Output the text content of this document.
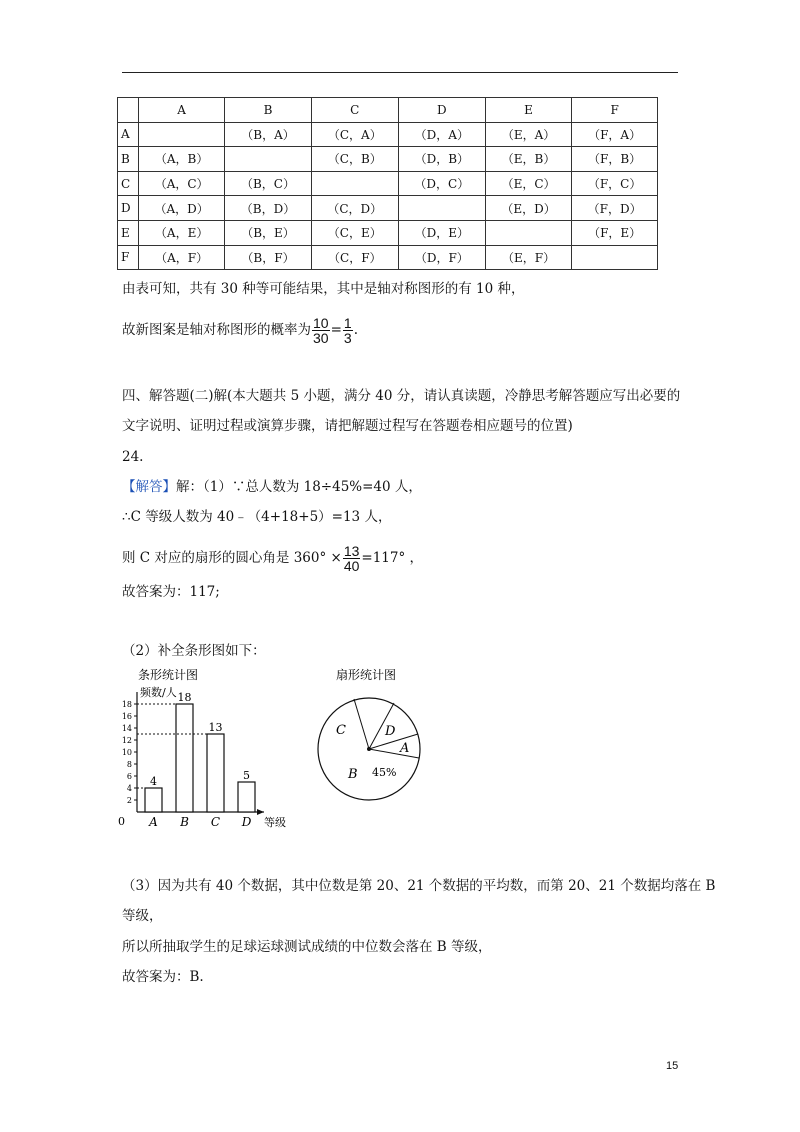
	A	B	C	D	E	F
A		（B，A）	（C，A）	（D，A）	（E，A）	（F，A）
B	（A，B）		（C，B）	（D，B）	（E，B）	（F，B）
C	（A，C）	（B，C）		（D，C）	（E，C）	（F，C）
D	（A，D）	（B，D）	（C，D）		（E，D）	（F，D）
E	（A，E）	（B，E）	（C，E）	（D，E）		（F，E）
F	（A，F）	（B，F）	（C，F）	（D，F）	（E，F）	
由表可知，共有 30 种等可能结果，其中是轴对称图形的有 10 种，
故新图案是轴对称图形的概率为 $\frac{10}{30} = \frac{1}{3}$ .
四、解答题(二)解(本大题共 5 小题，满分 40 分，请认真读题，冷静思考解答题应写出必要的
文字说明、证明过程或演算步骤，请把解题过程写在答题卷相应题号的位置)
24.
【解答】解：（1）∵总人数为 18÷45%=40 人，
∴C 等级人数为 40﹣（4+18+5）=13 人，
则 C 对应的扇形的圆心角是 $360^\circ \times \frac{13}{40} =117^\circ$ ，
故答案为：117;
（2）补全条形图如下：
条形统计图
频数/人
等级
0
2
4
6
8
10
12
14
16
18
4
A
18
B
13
C
5
D
扇形统计图
C	D
A
B 45%
（3）因为共有 40 个数据，其中位数是第 20、21 个数据的平均数，而第 20、21 个数据均落在 B
等级，
所以所抽取学生的足球运球测试成绩的中位数会落在 B 等级，
故答案为：B.
15
